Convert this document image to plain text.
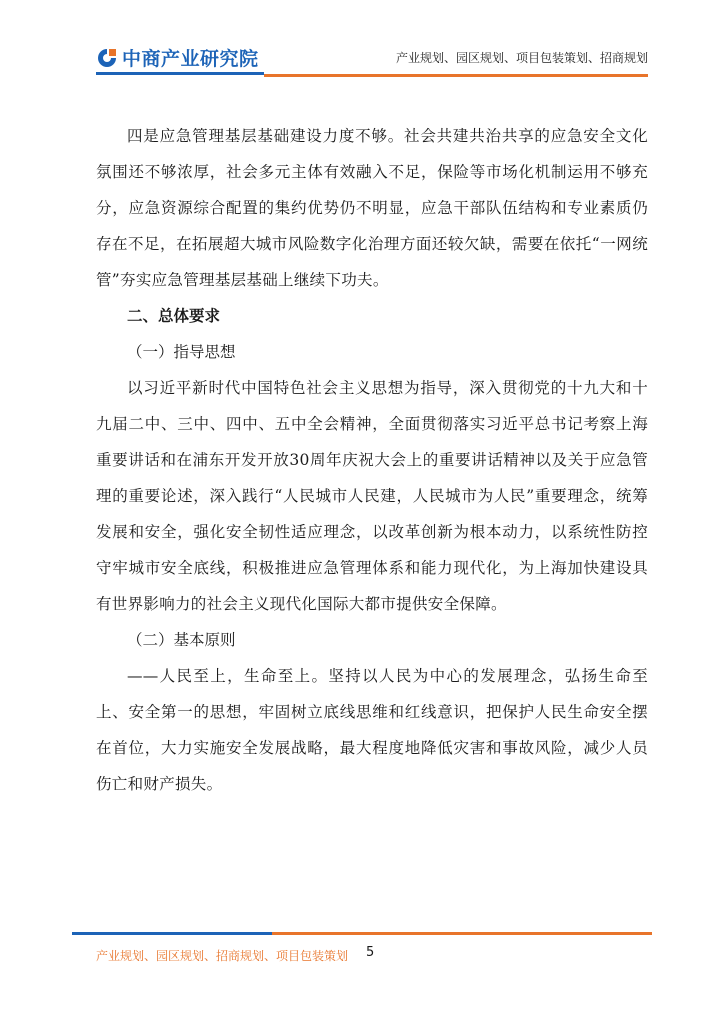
中商产业研究院	产业规划、园区规划、项目包装策划、招商规划

四是应急管理基层基础建设力度不够。社会共建共治共享的应急安全文化氛围还不够浓厚，社会多元主体有效融入不足，保险等市场化机制运用不够充分，应急资源综合配置的集约优势仍不明显，应急干部队伍结构和专业素质仍存在不足，在拓展超大城市风险数字化治理方面还较欠缺，需要在依托“一网统管”夯实应急管理基层基础上继续下功夫。

二、总体要求

（一）指导思想

以习近平新时代中国特色社会主义思想为指导，深入贯彻党的十九大和十九届二中、三中、四中、五中全会精神，全面贯彻落实习近平总书记考察上海重要讲话和在浦东开发开放30周年庆祝大会上的重要讲话精神以及关于应急管理的重要论述，深入践行“人民城市人民建，人民城市为人民”重要理念，统筹发展和安全，强化安全韧性适应理念，以改革创新为根本动力，以系统性防控守牢城市安全底线，积极推进应急管理体系和能力现代化，为上海加快建设具有世界影响力的社会主义现代化国际大都市提供安全保障。

（二）基本原则

——人民至上，生命至上。坚持以人民为中心的发展理念，弘扬生命至上、安全第一的思想，牢固树立底线思维和红线意识，把保护人民生命安全摆在首位，大力实施安全发展战略，最大程度地降低灾害和事故风险，减少人员伤亡和财产损失。

产业规划、园区规划、招商规划、项目包装策划 5
